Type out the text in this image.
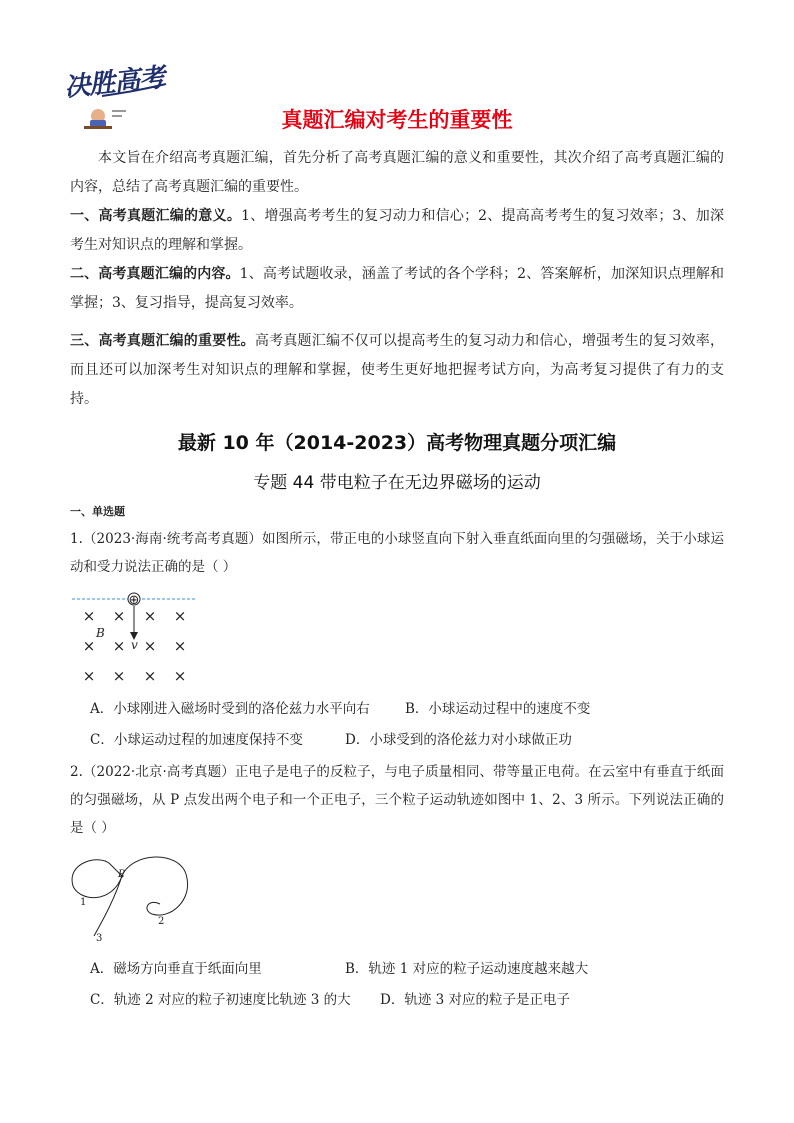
决胜高考
真题汇编对考生的重要性
本文旨在介绍高考真题汇编，首先分析了高考真题汇编的意义和重要性，其次介绍了高考真题汇编的内容，总结了高考真题汇编的重要性。
一、高考真题汇编的意义。1、增强高考考生的复习动力和信心；2、提高高考考生的复习效率；3、加深考生对知识点的理解和掌握。
二、高考真题汇编的内容。1、高考试题收录，涵盖了考试的各个学科；2、答案解析，加深知识点理解和掌握；3、复习指导，提高复习效率。
三、高考真题汇编的重要性。高考真题汇编不仅可以提高考生的复习动力和信心，增强考生的复习效率，而且还可以加深考生对知识点的理解和掌握，使考生更好地把握考试方向，为高考复习提供了有力的支持。
最新 10 年（2014-2023）高考物理真题分项汇编
专题 44 带电粒子在无边界磁场的运动
一、单选题
1.（2023·海南·统考高考真题）如图所示，带正电的小球竖直向下射入垂直纸面向里的匀强磁场，关于小球运动和受力说法正确的是（ ）
⊕
× × × ×
× × × ×
× × × ×
B
v
A．小球刚进入磁场时受到的洛伦兹力水平向右	B．小球运动过程中的速度不变
C．小球运动过程的加速度保持不变	D．小球受到的洛伦兹力对小球做正功
2.（2022·北京·高考真题）正电子是电子的反粒子，与电子质量相同、带等量正电荷。在云室中有垂直于纸面的匀强磁场，从 P 点发出两个电子和一个正电子，三个粒子运动轨迹如图中 1、2、3 所示。下列说法正确的是（ ）
P
1
2
3
A．磁场方向垂直于纸面向里	B．轨迹 1 对应的粒子运动速度越来越大
C．轨迹 2 对应的粒子初速度比轨迹 3 的大 D．轨迹 3 对应的粒子是正电子
